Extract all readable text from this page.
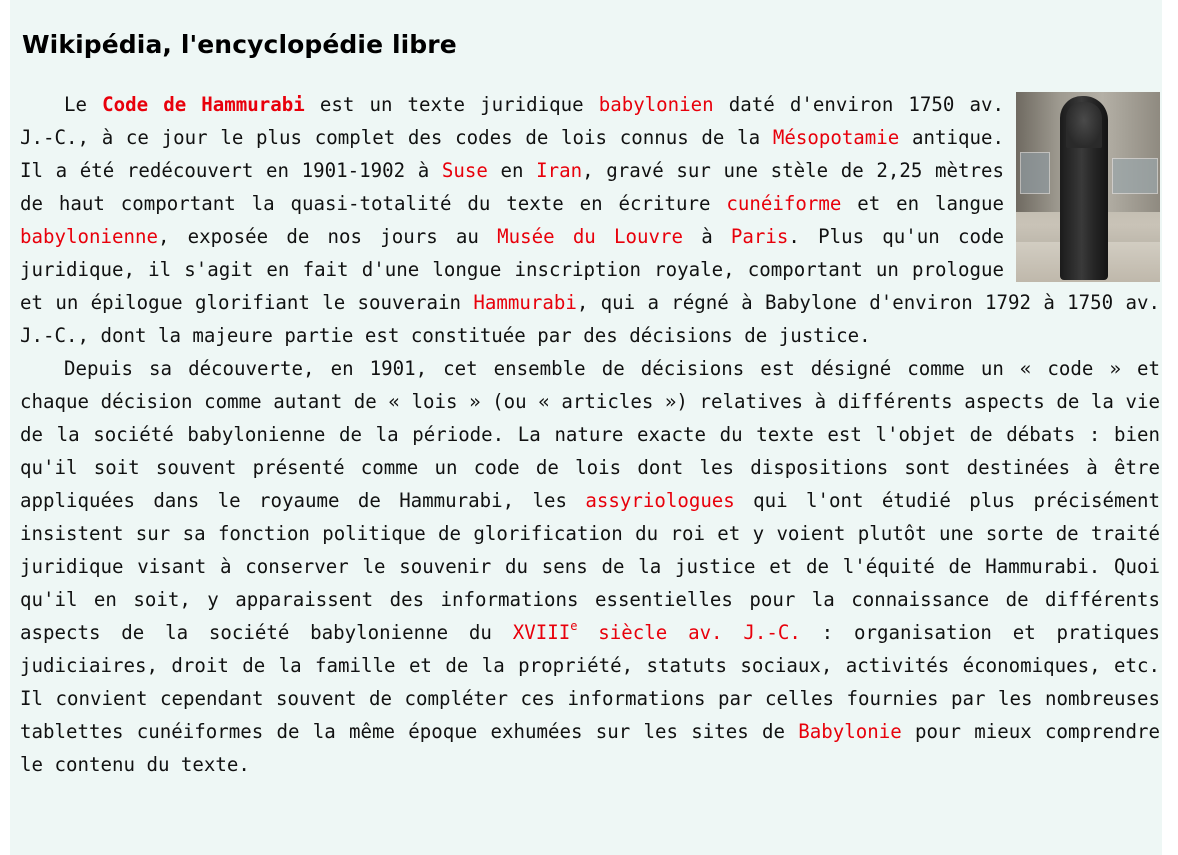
Wikipédia, l'encyclopédie libre

Le Code de Hammurabi est un texte juridique babylonien daté d'environ 1750 av. J.-C., à ce jour le plus complet des codes de lois connus de la Mésopotamie antique. Il a été redécouvert en 1901-1902 à Suse en Iran, gravé sur une stèle de 2,25 mètres de haut comportant la quasi-totalité du texte en écriture cunéiforme et en langue babylonienne, exposée de nos jours au Musée du Louvre à Paris. Plus qu'un code juridique, il s'agit en fait d'une longue inscription royale, comportant un prologue et un épilogue glorifiant le souverain Hammurabi, qui a régné à Babylone d'environ 1792 à 1750 av. J.-C., dont la majeure partie est constituée par des décisions de justice.

Depuis sa découverte, en 1901, cet ensemble de décisions est désigné comme un « code » et chaque décision comme autant de « lois » (ou « articles ») relatives à différents aspects de la vie de la société babylonienne de la période. La nature exacte du texte est l'objet de débats : bien qu'il soit souvent présenté comme un code de lois dont les dispositions sont destinées à être appliquées dans le royaume de Hammurabi, les assyriologues qui l'ont étudié plus précisément insistent sur sa fonction politique de glorification du roi et y voient plutôt une sorte de traité juridique visant à conserver le souvenir du sens de la justice et de l'équité de Hammurabi. Quoi qu'il en soit, y apparaissent des informations essentielles pour la connaissance de différents aspects de la société babylonienne du XVIIIe siècle av. J.-C. : organisation et pratiques judiciaires, droit de la famille et de la propriété, statuts sociaux, activités économiques, etc. Il convient cependant souvent de compléter ces informations par celles fournies par les nombreuses tablettes cunéiformes de la même époque exhumées sur les sites de Babylonie pour mieux comprendre le contenu du texte.
